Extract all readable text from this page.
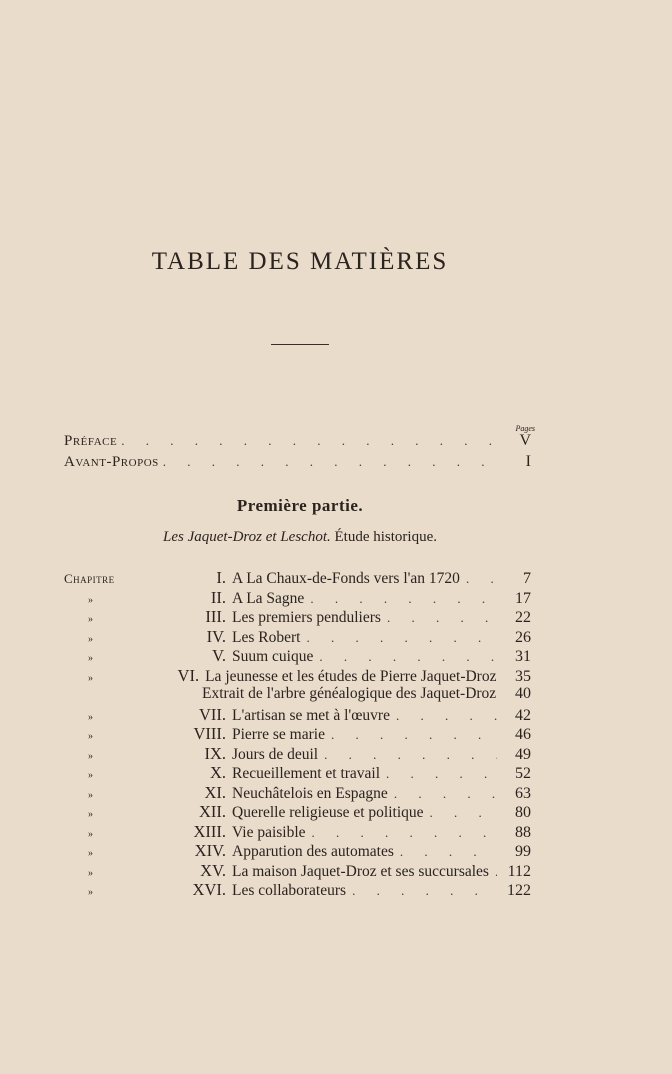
TABLE DES MATIÈRES
Pages
Préface . . .	V
Avant-Propos . . .	I
Première partie.
Les Jaquet-Droz et Leschot. Étude historique.
Chapitre	I. A La Chaux-de-Fonds vers l'an 1720 . . .	7
»	II. A La Sagne . . .	17
»	III. Les premiers penduliers . . .	22
»	IV. Les Robert . . .	26
»	V. Suum cuique . . .	31
»	VI. La jeunesse et les études de Pierre Jaquet-Droz	35
Extrait de l'arbre généalogique des Jaquet-Droz	40
»	VII. L'artisan se met à l'œuvre . . .	42
»	VIII. Pierre se marie . . .	46
»	IX. Jours de deuil . . .	49
»	X. Recueillement et travail . . .	52
»	XI. Neuchâtelois en Espagne . . .	63
»	XII. Querelle religieuse et politique . . .	80
»	XIII. Vie paisible . . .	88
»	XIV. Apparution des automates . . .	99
»	XV. La maison Jaquet-Droz et ses succursales . . . 112
»	XVI. Les collaborateurs . . .	122
